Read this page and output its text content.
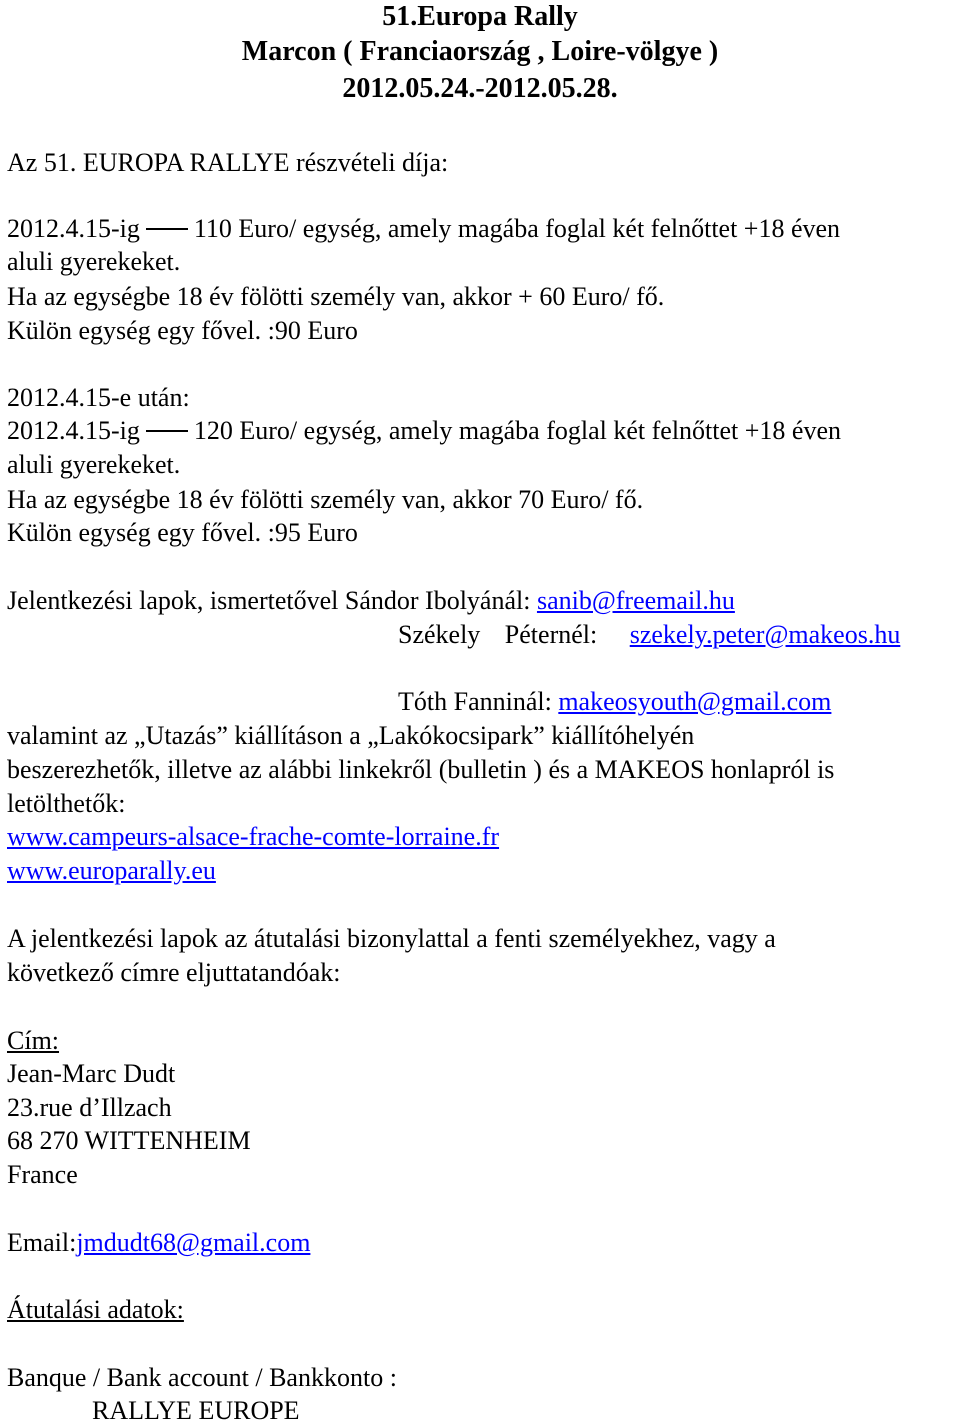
51.Europa Rally
Marcon ( Franciaország , Loire-völgye )
2012.05.24.-2012.05.28.
Az 51. EUROPA RALLYE részvételi díja:
2012.4.15-ig 110 Euro/ egység, amely magába foglal két felnőttet +18 éven
aluli gyerekeket.
Ha az egységbe 18 év fölötti személy van, akkor + 60 Euro/ fő.
Külön egység egy fővel. :90 Euro
2012.4.15-e után:
2012.4.15-ig 120 Euro/ egység, amely magába foglal két felnőttet +18 éven
aluli gyerekeket.
Ha az egységbe 18 év fölötti személy van, akkor 70 Euro/ fő.
Külön egység egy fővel. :95 Euro
Jelentkezési lapok, ismertetővel Sándor Ibolyánál: sanib@freemail.hu
Székely Péternél: szekely.peter@makeos.hu
Tóth Fanninál: makeosyouth@gmail.com
valamint az „Utazás” kiállításon a „Lakókocsipark” kiállítóhelyén
beszerezhetők, illetve az alábbi linkekről (bulletin ) és a MAKEOS honlapról is
letölthetők:
www.campeurs-alsace-frache-comte-lorraine.fr
www.europarally.eu
A jelentkezési lapok az átutalási bizonylattal a fenti személyekhez, vagy a
következő címre eljuttatandóak:
Cím:
Jean-Marc Dudt
23.rue d’Illzach
68 270 WITTENHEIM
France
Email:jmdudt68@gmail.com
Átutalási adatok:
Banque / Bank account / Bankkonto :
RALLYE EUROPE
